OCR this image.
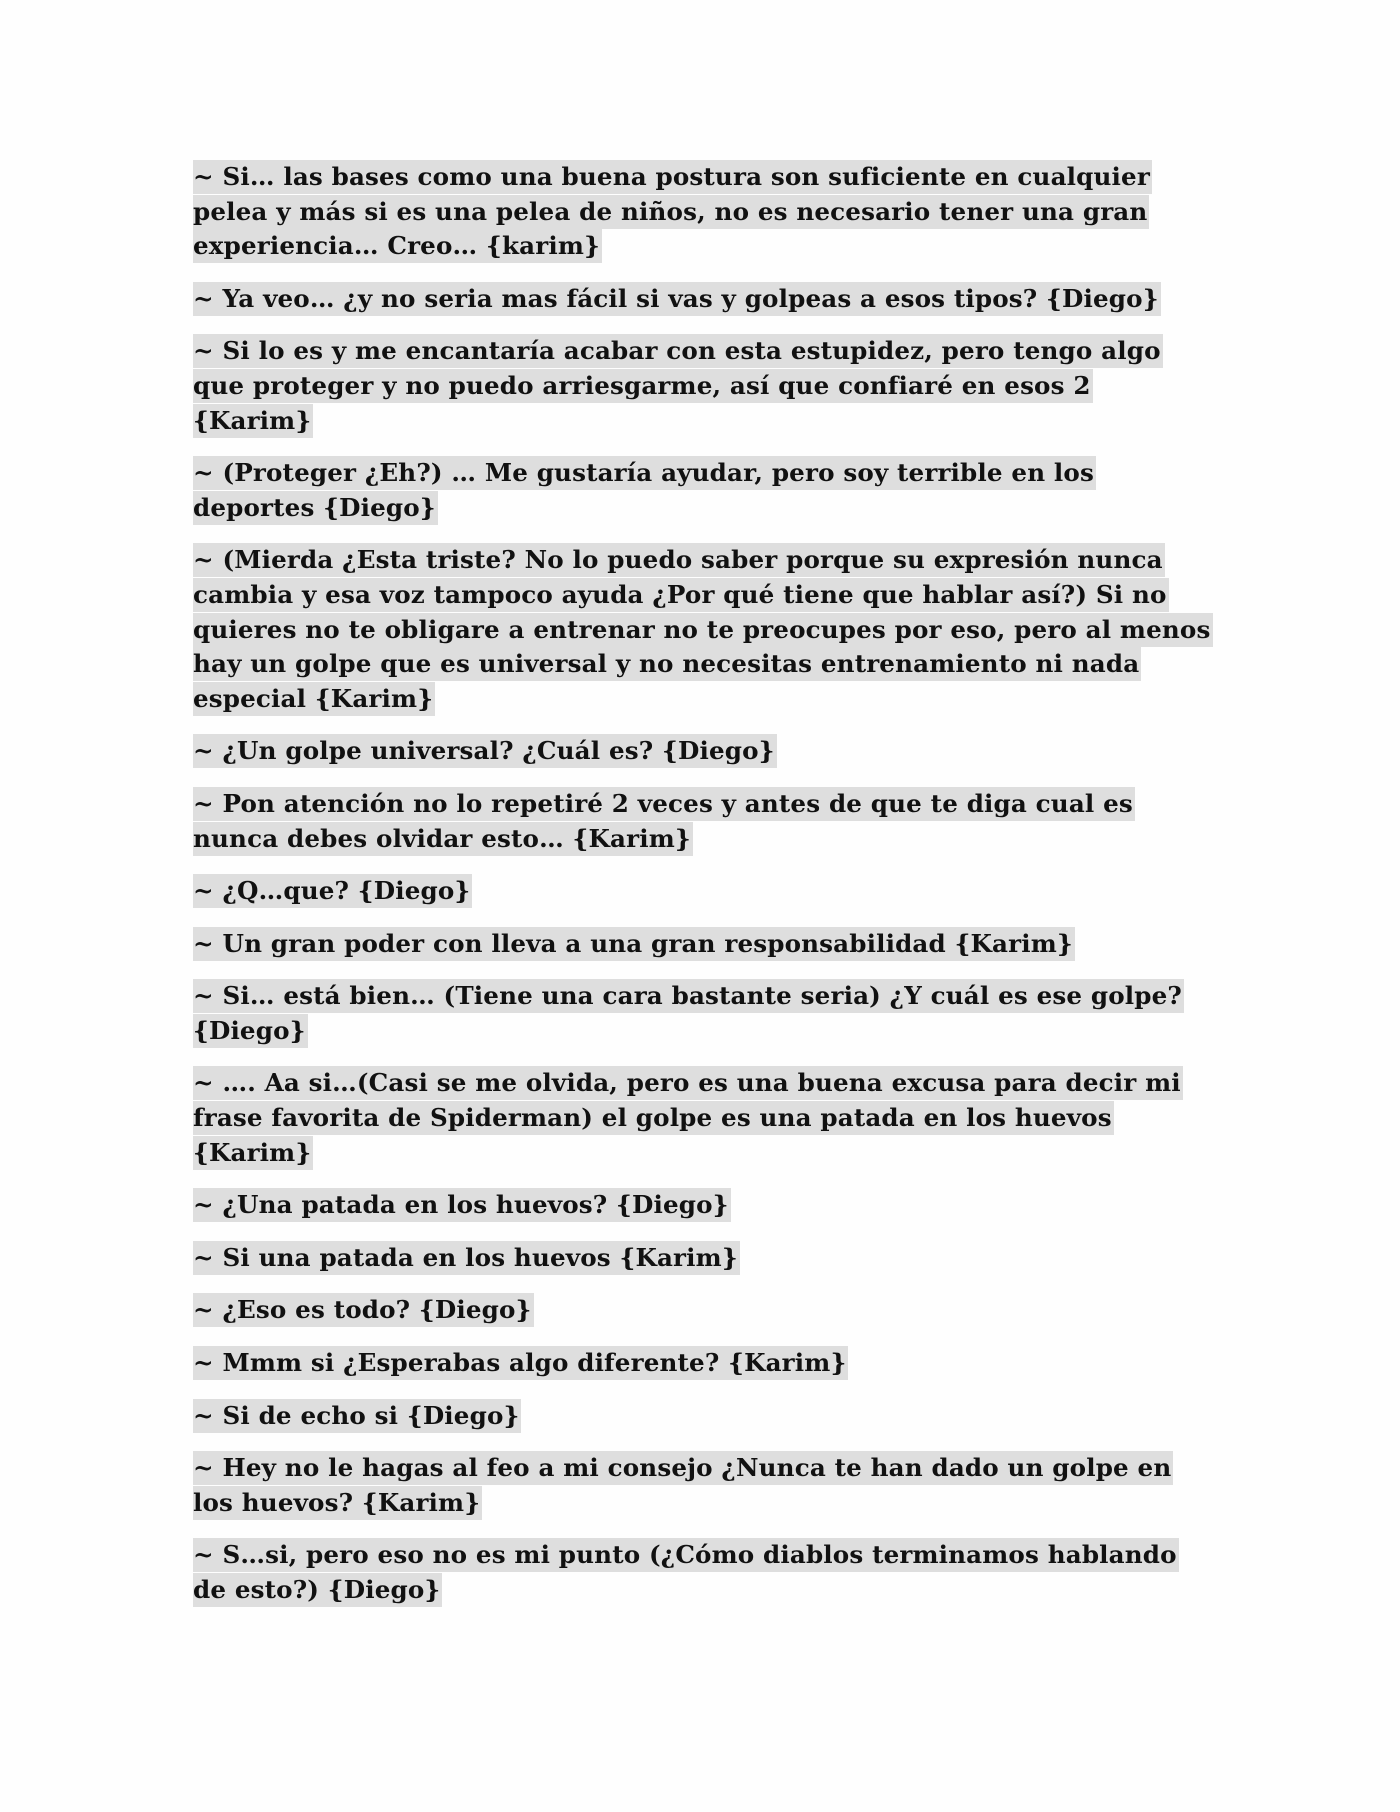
~ Si… las bases como una buena postura son suficiente en cualquier pelea y más si es una pelea de niños, no es necesario tener una gran experiencia… Creo… {karim}

~ Ya veo… ¿y no seria mas fácil si vas y golpeas a esos tipos? {Diego}

~ Si lo es y me encantaría acabar con esta estupidez, pero tengo algo que proteger y no puedo arriesgarme, así que confiaré en esos 2 {Karim}

~ (Proteger ¿Eh?) … Me gustaría ayudar, pero soy terrible en los deportes {Diego}

~ (Mierda ¿Esta triste? No lo puedo saber porque su expresión nunca cambia y esa voz tampoco ayuda ¿Por qué tiene que hablar así?) Si no quieres no te obligare a entrenar no te preocupes por eso, pero al menos hay un golpe que es universal y no necesitas entrenamiento ni nada especial {Karim}

~ ¿Un golpe universal? ¿Cuál es? {Diego}

~ Pon atención no lo repetiré 2 veces y antes de que te diga cual es nunca debes olvidar esto… {Karim}

~ ¿Q…que? {Diego}

~ Un gran poder con lleva a una gran responsabilidad {Karim}

~ Si… está bien… (Tiene una cara bastante seria) ¿Y cuál es ese golpe? {Diego}

~ …. Aa si…(Casi se me olvida, pero es una buena excusa para decir mi frase favorita de Spiderman) el golpe es una patada en los huevos {Karim}

~ ¿Una patada en los huevos? {Diego}

~ Si una patada en los huevos {Karim}

~ ¿Eso es todo? {Diego}

~ Mmm si ¿Esperabas algo diferente? {Karim}

~ Si de echo si {Diego}

~ Hey no le hagas al feo a mi consejo ¿Nunca te han dado un golpe en los huevos? {Karim}

~ S…si, pero eso no es mi punto (¿Cómo diablos terminamos hablando de esto?) {Diego}
